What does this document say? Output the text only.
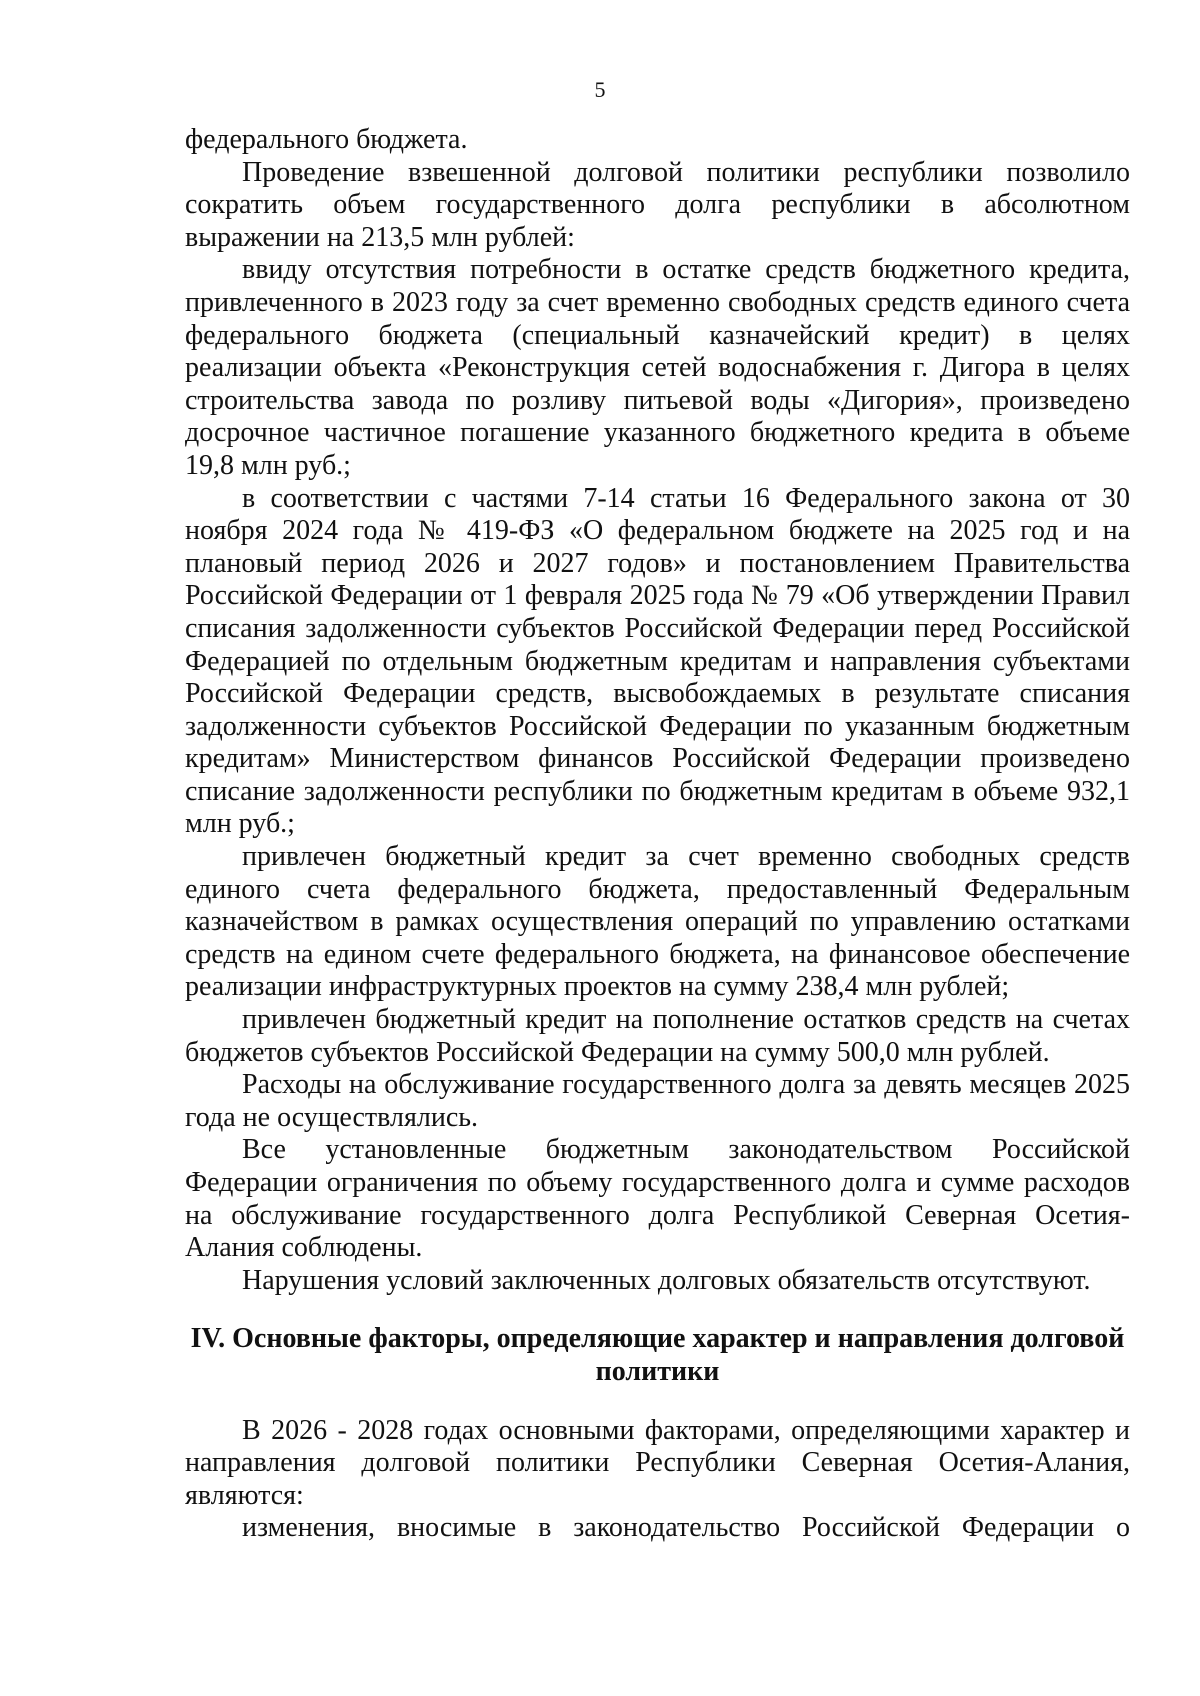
5

федерального бюджета.

Проведение взвешенной долговой политики республики позволило сократить объем государственного долга республики в абсолютном выражении на 213,5 млн рублей:

ввиду отсутствия потребности в остатке средств бюджетного кредита, привлеченного в 2023 году за счет временно свободных средств единого счета федерального бюджета (специальный казначейский кредит) в целях реализации объекта «Реконструкция сетей водоснабжения г. Дигора в целях строительства завода по розливу питьевой воды «Дигория», произведено досрочное частичное погашение указанного бюджетного кредита в объеме 19,8 млн руб.;

в соответствии с частями 7-14 статьи 16 Федерального закона от 30 ноября 2024 года № 419-ФЗ «О федеральном бюджете на 2025 год и на плановый период 2026 и 2027 годов» и постановлением Правительства Российской Федерации от 1 февраля 2025 года № 79 «Об утверждении Правил списания задолженности субъектов Российской Федерации перед Российской Федерацией по отдельным бюджетным кредитам и направления субъектами Российской Федерации средств, высвобождаемых в результате списания задолженности субъектов Российской Федерации по указанным бюджетным кредитам» Министерством финансов Российской Федерации произведено списание задолженности республики по бюджетным кредитам в объеме 932,1 млн руб.;

привлечен бюджетный кредит за счет временно свободных средств единого счета федерального бюджета, предоставленный Федеральным казначейством в рамках осуществления операций по управлению остатками средств на едином счете федерального бюджета, на финансовое обеспечение реализации инфраструктурных проектов на сумму 238,4 млн рублей;

привлечен бюджетный кредит на пополнение остатков средств на счетах бюджетов субъектов Российской Федерации на сумму 500,0 млн рублей.

Расходы на обслуживание государственного долга за девять месяцев 2025 года не осуществлялись.

Все установленные бюджетным законодательством Российской Федерации ограничения по объему государственного долга и сумме расходов на обслуживание государственного долга Республикой Северная Осетия-Алания соблюдены.

Нарушения условий заключенных долговых обязательств отсутствуют.

IV. Основные факторы, определяющие характер и направления долговой политики

В 2026 - 2028 годах основными факторами, определяющими характер и направления долговой политики Республики Северная Осетия-Алания, являются:

изменения, вносимые в законодательство Российской Федерации о
